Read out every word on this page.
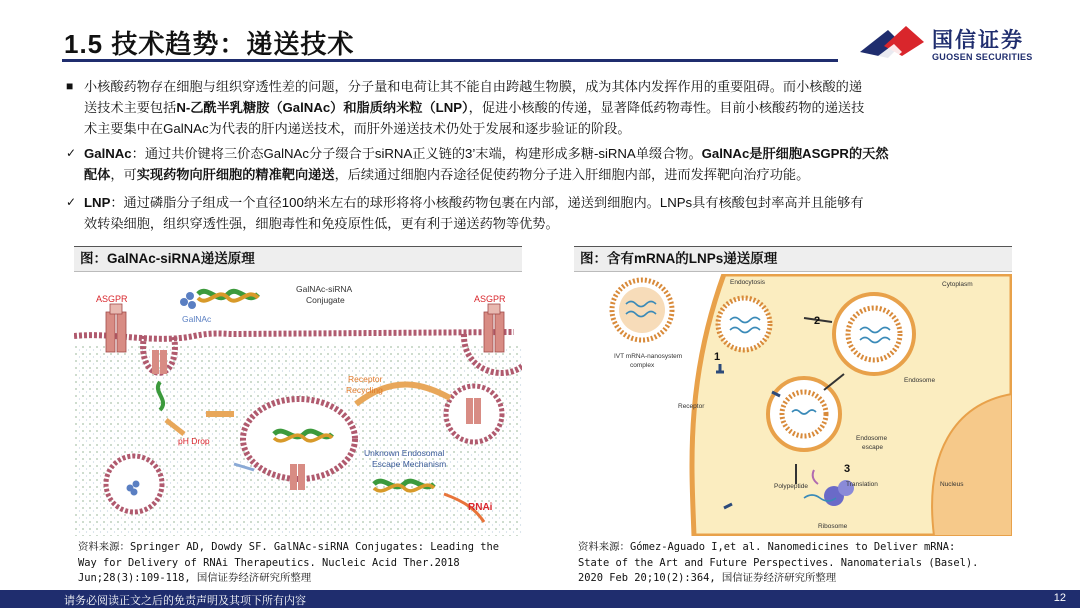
1.5 技术趋势：递送技术	国信证券
GUOSEN SECURITIES
■ 小核酸药物存在细胞与组织穿透性差的问题，分子量和电荷让其不能自由跨越生物膜，成为其体内发挥作用的重要阻碍。而小核酸的递
送技术主要包括N-乙酰半乳糖胺（GalNAc）和脂质纳米粒（LNP），促进小核酸的传递，显著降低药物毒性。目前小核酸药物的递送技
术主要集中在GalNAc为代表的肝内递送技术，而肝外递送技术仍处于发展和逐步验证的阶段。
✓ GalNAc：通过共价键将三价态GalNAc分子缀合于siRNA正义链的3’末端，构建形成多糖-siRNA单缀合物。GalNAc是肝细胞ASGPR的天然
配体，可实现药物向肝细胞的精准靶向递送，后续通过细胞内吞途径促使药物分子进入肝细胞内部，进而发挥靶向治疗功能。
✓ LNP：通过磷脂分子组成一个直径100纳米左右的球形将将小核酸药物包裹在内部，递送到细胞内。LNPs具有核酸包封率高并且能够有
效转染细胞，组织穿透性强，细胞毒性和免疫原性低，更有利于递送药物等优势。
图：GalNAc-siRNA递送原理
ASGPR	ASGPR
GalNAc-siRNA
Conjugate
GalNAc
Receptor
Recycling
pH Drop
Unknown Endosomal
Escape Mechanism
RNAi
资料来源：Springer AD, Dowdy SF. GalNAc-siRNA Conjugates: Leading the
Way for Delivery of RNAi Therapeutics. Nucleic Acid Ther.2018
Jun;28(3):109-118, 国信证券经济研究所整理
图：含有mRNA的LNPs递送原理
Endocytosis	Cytoplasm
IVT mRNA-nanosystem
complex
1
2
3
Endosome
Receptor
Endosome
escape
Translation	Nucleus
Polypeptide
Ribosome
资料来源：Gómez-Aguado I,et al. Nanomedicines to Deliver mRNA:
State of the Art and Future Perspectives. Nanomaterials (Basel).
2020 Feb 20;10(2):364, 国信证券经济研究所整理
请务必阅读正文之后的免责声明及其项下所有内容	12
